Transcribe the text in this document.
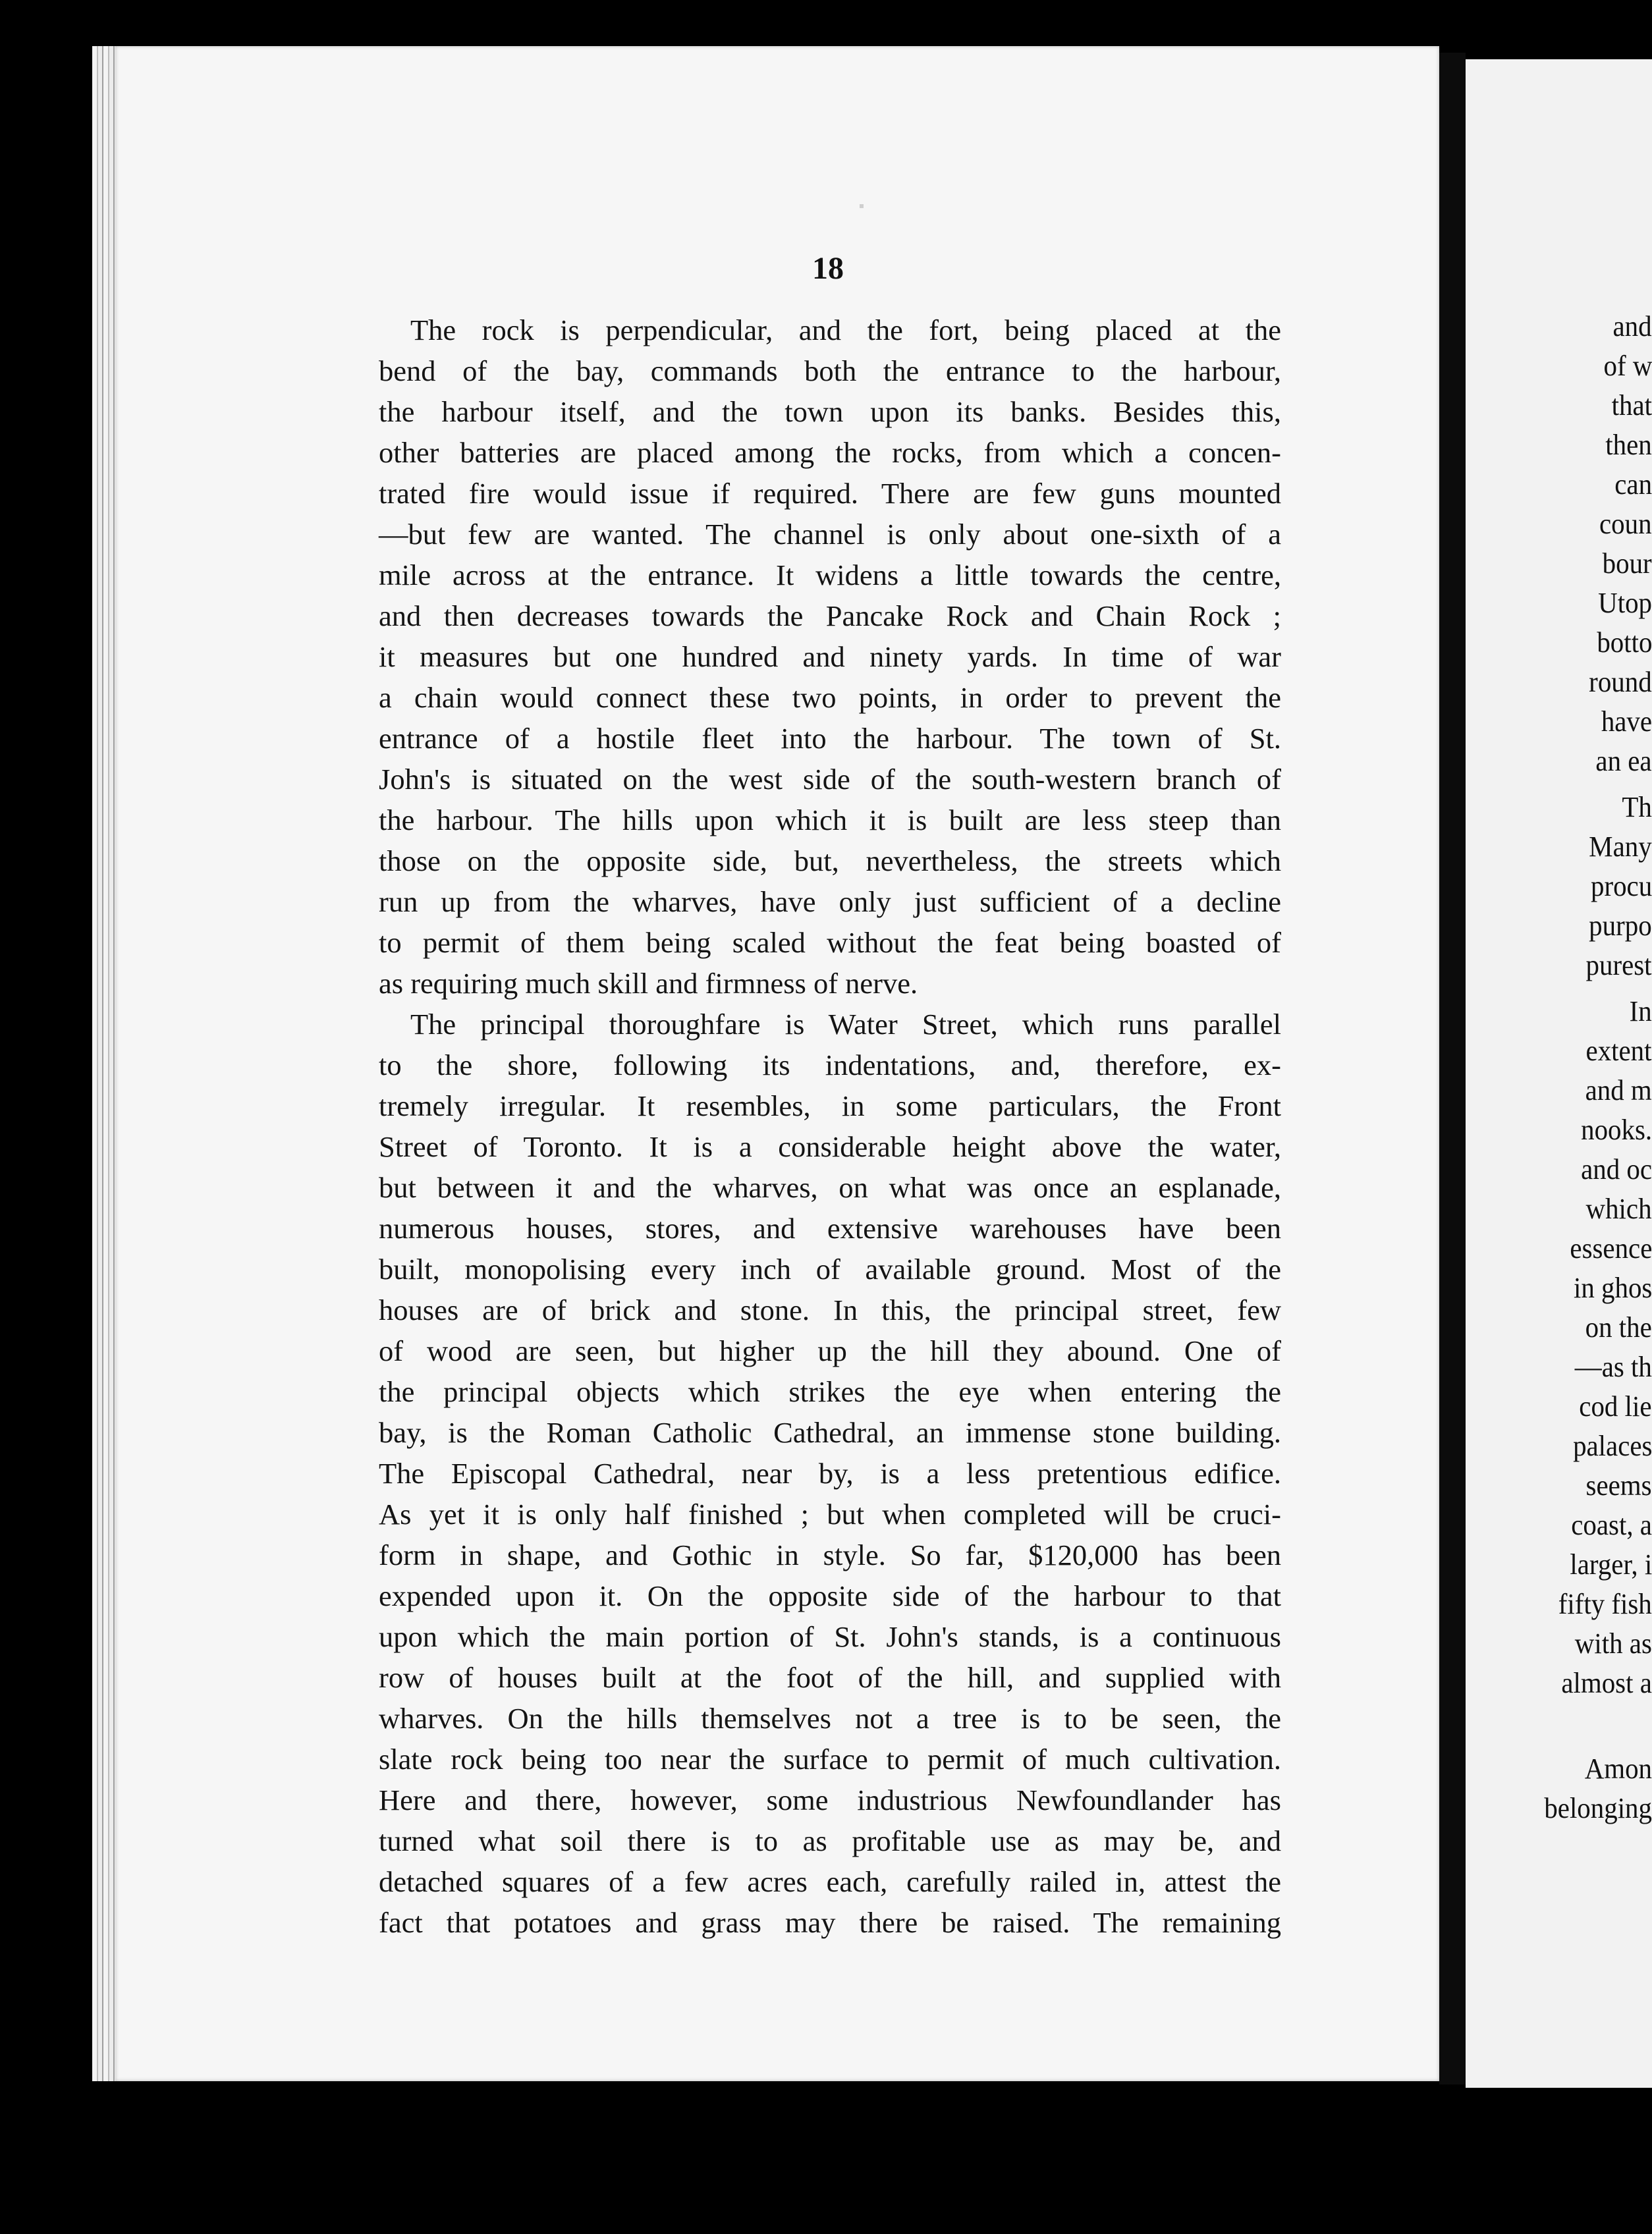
18
The rock is perpendicular, and the fort, being placed at the
bend of the bay, commands both the entrance to the harbour,
the harbour itself, and the town upon its banks. Besides this,
other batteries are placed among the rocks, from which a concen-
trated fire would issue if required. There are few guns mounted
—but few are wanted. The channel is only about one-sixth of a
mile across at the entrance. It widens a little towards the centre,
and then decreases towards the Pancake Rock and Chain Rock ;
it measures but one hundred and ninety yards. In time of war
a chain would connect these two points, in order to prevent the
entrance of a hostile fleet into the harbour. The town of St.
John's is situated on the west side of the south-western branch of
the harbour. The hills upon which it is built are less steep than
those on the opposite side, but, nevertheless, the streets which
run up from the wharves, have only just sufficient of a decline
to permit of them being scaled without the feat being boasted of
as requiring much skill and firmness of nerve.
The principal thoroughfare is Water Street, which runs parallel
to the shore, following its indentations, and, therefore, ex-
tremely irregular. It resembles, in some particulars, the Front
Street of Toronto. It is a considerable height above the water,
but between it and the wharves, on what was once an esplanade,
numerous houses, stores, and extensive warehouses have been
built, monopolising every inch of available ground. Most of the
houses are of brick and stone. In this, the principal street, few
of wood are seen, but higher up the hill they abound. One of
the principal objects which strikes the eye when entering the
bay, is the Roman Catholic Cathedral, an immense stone building.
The Episcopal Cathedral, near by, is a less pretentious edifice.
As yet it is only half finished ; but when completed will be cruci-
form in shape, and Gothic in style. So far, $120,000 has been
expended upon it. On the opposite side of the harbour to that
upon which the main portion of St. John's stands, is a continuous
row of houses built at the foot of the hill, and supplied with
wharves. On the hills themselves not a tree is to be seen, the
slate rock being too near the surface to permit of much cultivation.
Here and there, however, some industrious Newfoundlander has
turned what soil there is to as profitable use as may be, and
detached squares of a few acres each, carefully railed in, attest the
fact that potatoes and grass may there be raised. The remaining
and
of w
that
then
can
coun
bour
Utop
botto
round
have
an ea
Th
Many
procu
purpo
purest
In
extent
and m
nooks.
and oc
which
essence
in ghos
on the
—as th
cod lie
palaces
seems
coast, a
larger, i
fifty fish
with as
almost a
Amon
belonging
